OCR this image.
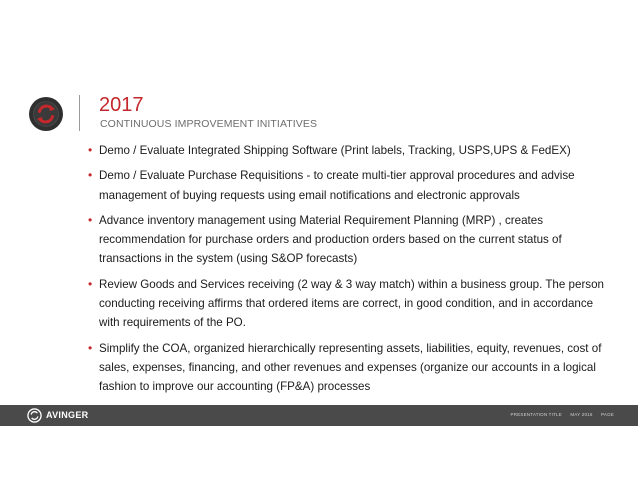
2017
CONTINUOUS IMPROVEMENT INITIATIVES
• Demo / Evaluate Integrated Shipping Software (Print labels, Tracking, USPS,UPS & FedEX)
• Demo / Evaluate Purchase Requisitions - to create multi-tier approval procedures and advise management of buying requests using email notifications and electronic approvals
• Advance inventory management using Material Requirement Planning (MRP) , creates recommendation for purchase orders and production orders based on the current status of transactions in the system (using S&OP forecasts)
• Review Goods and Services receiving (2 way & 3 way match) within a business group. The person conducting receiving affirms that ordered items are correct, in good condition, and in accordance with requirements of the PO.
• Simplify the COA, organized hierarchically representing assets, liabilities, equity, revenues, cost of sales, expenses, financing, and other revenues and expenses (organize our accounts in a logical fashion to improve our accounting (FP&A) processes
AVINGER	PRESENTATION TITLE MAY 2016 PAGE
